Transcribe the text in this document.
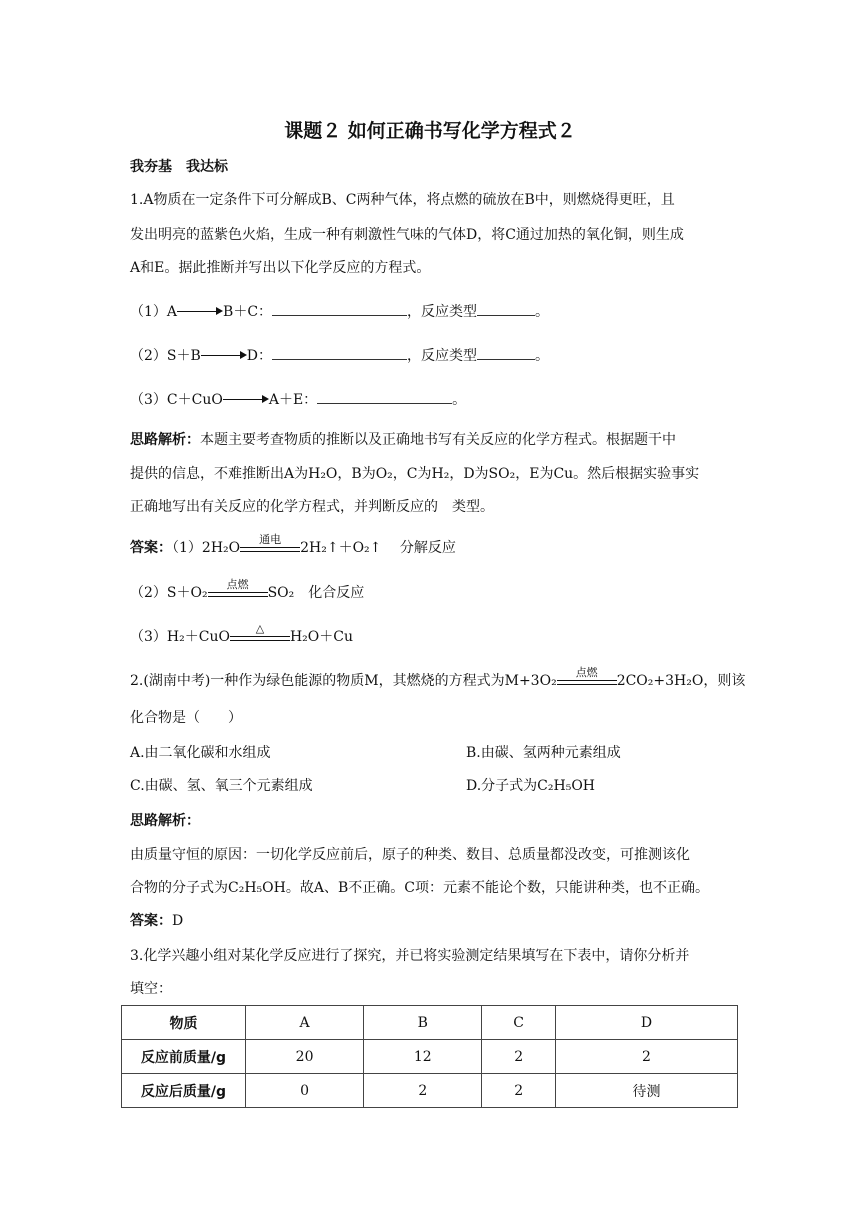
课题２ 如何正确书写化学方程式２
我夯基　我达标
1.A物质在一定条件下可分解成B、C两种气体，将点燃的硫放在B中，则燃烧得更旺，且
发出明亮的蓝紫色火焰，生成一种有刺激性气味的气体D，将C通过加热的氧化铜，则生成
A和E。据此推断并写出以下化学反应的方程式。
（1）A	B＋C：	，反应类型	。
（2）S＋B	D：	，反应类型	。
（3）C＋CuO	A＋E：	。
思路解析：本题主要考查物质的推断以及正确地书写有关反应的化学方程式。根据题干中
提供的信息，不难推断出A为H₂O，B为O₂，C为H₂，D为SO₂，E为Cu。然后根据实验事实
正确地写出有关反应的化学方程式，并判断反应的　类型。
答案：（1）2H₂O
通电
2H₂↑＋O₂↑　 分解反应
（2）S＋O₂
点燃
SO₂　化合反应
（3）H₂＋CuO
△
H₂O＋Cu
2.(湖南中考)一种作为绿色能源的物质M，其燃烧的方程式为M+3O₂
点燃
2CO₂+3H₂O，则该
化合物是（　　）
A.由二氧化碳和水组成	B.由碳、氢两种元素组成
C.由碳、氢、氧三个元素组成	D.分子式为C₂H₅OH
思路解析：
由质量守恒的原因：一切化学反应前后，原子的种类、数目、总质量都没改变，可推测该化
合物的分子式为C₂H₅OH。故A、B不正确。C项：元素不能论个数，只能讲种类，也不正确。
答案：D
3.化学兴趣小组对某化学反应进行了探究，并已将实验测定结果填写在下表中，请你分析并
填空：
物质	A	B	C	D
反应前质量/g	20	12	2	2
反应后质量/g	0	2	2	待测
